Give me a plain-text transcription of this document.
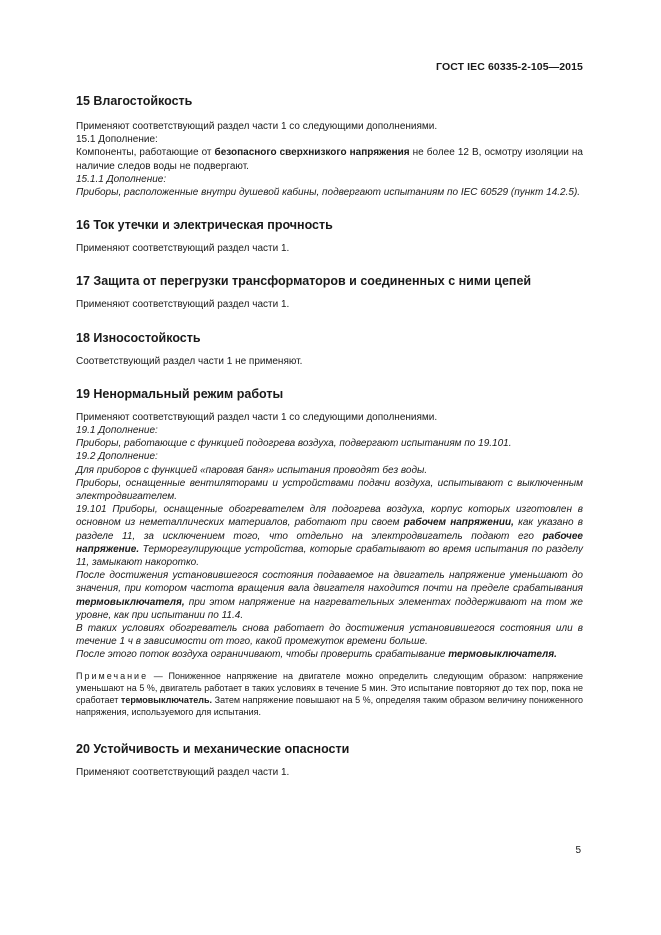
ГОСТ IEC 60335-2-105—2015
15 Влагостойкость

Применяют соответствующий раздел части 1 со следующими дополнениями.

15.1 Дополнение:

Компоненты, работающие от безопасного сверхнизкого напряжения не более 12 В, осмотру изоляции на наличие следов воды не подвергают.

15.1.1 Дополнение:

Приборы, расположенные внутри душевой кабины, подвергают испытаниям по IEC 60529 (пункт 14.2.5).

16 Ток утечки и электрическая прочность

Применяют соответствующий раздел части 1.

17 Защита от перегрузки трансформаторов и соединенных с ними цепей

Применяют соответствующий раздел части 1.

18 Износостойкость

Соответствующий раздел части 1 не применяют.

19 Ненормальный режим работы

Применяют соответствующий раздел части 1 со следующими дополнениями.

19.1 Дополнение:

Приборы, работающие с функцией подогрева воздуха, подвергают испытаниям по 19.101.

19.2 Дополнение:

Для приборов с функцией «паровая баня» испытания проводят без воды.

Приборы, оснащенные вентиляторами и устройствами подачи воздуха, испытывают с выключенным электродвигателем.

19.101 Приборы, оснащенные обогревателем для подогрева воздуха, корпус которых изготовлен в основном из неметаллических материалов, работают при своем рабочем напряжении, как указано в разделе 11, за исключением того, что отдельно на электродвигатель подают его рабочее напряжение. Терморегулирующие устройства, которые срабатывают во время испытания по разделу 11, замыкают накоротко.

После достижения установившегося состояния подаваемое на двигатель напряжение уменьшают до значения, при котором частота вращения вала двигателя находится почти на пределе срабатывания термовыключателя, при этом напряжение на нагревательных элементах поддерживают на том же уровне, как при испытании по 11.4.

В таких условиях обогреватель снова работает до достижения установившегося состояния или в течение 1 ч в зависимости от того, какой промежуток времени больше.

После этого поток воздуха ограничивают, чтобы проверить срабатывание термовыключателя.

Примечание — Пониженное напряжение на двигателе можно определить следующим образом: напряжение уменьшают на 5 %, двигатель работает в таких условиях в течение 5 мин. Это испытание повторяют до тех пор, пока не сработает термовыключатель. Затем напряжение повышают на 5 %, определяя таким образом величину пониженного напряжения, используемого для испытания.

20 Устойчивость и механические опасности

Применяют соответствующий раздел части 1.

5
